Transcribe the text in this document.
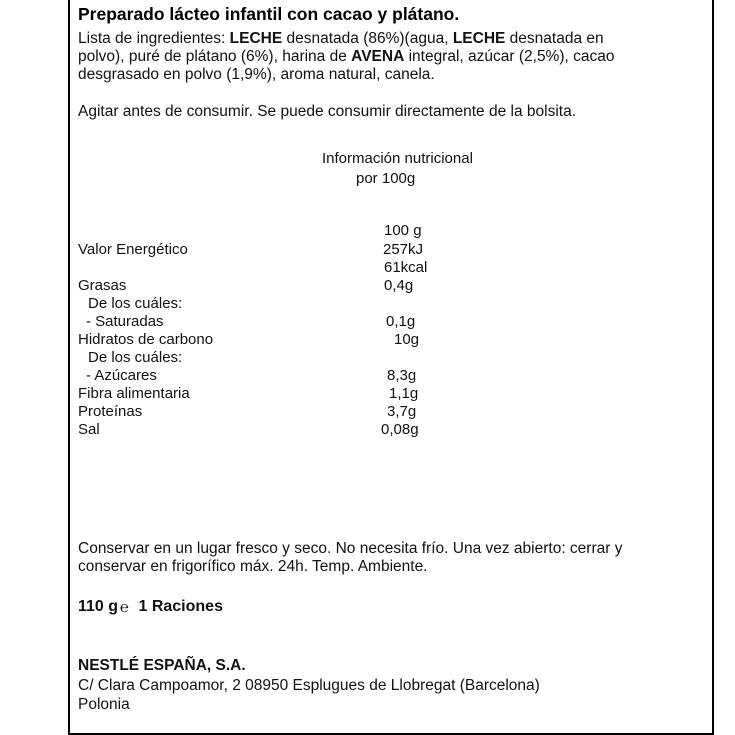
Preparado lácteo infantil con cacao y plátano.
Lista de ingredientes: LECHE desnatada (86%)(agua, LECHE desnatada en polvo), puré de plátano (6%), harina de AVENA integral, azúcar (2,5%), cacao desgrasado en polvo (1,9%), aroma natural, canela.
Agitar antes de consumir. Se puede consumir directamente de la bolsita.
Información nutricional
por 100g
100 g
Valor Energético	257kJ
61kcal
Grasas	0,4g
De los cuáles:
- Saturadas	0,1g
Hidratos de carbono	10g
De los cuáles:
- Azúcares	8,3g
Fibra alimentaria	1,1g
Proteínas	3,7g
Sal	0,08g
Conservar en un lugar fresco y seco. No necesita frío. Una vez abierto: cerrar y conservar en frigorífico máx. 24h. Temp. Ambiente.
110 g ℮ 1 Raciones
NESTLÉ ESPAÑA, S.A.
C/ Clara Campoamor, 2 08950 Esplugues de Llobregat (Barcelona)
Polonia
